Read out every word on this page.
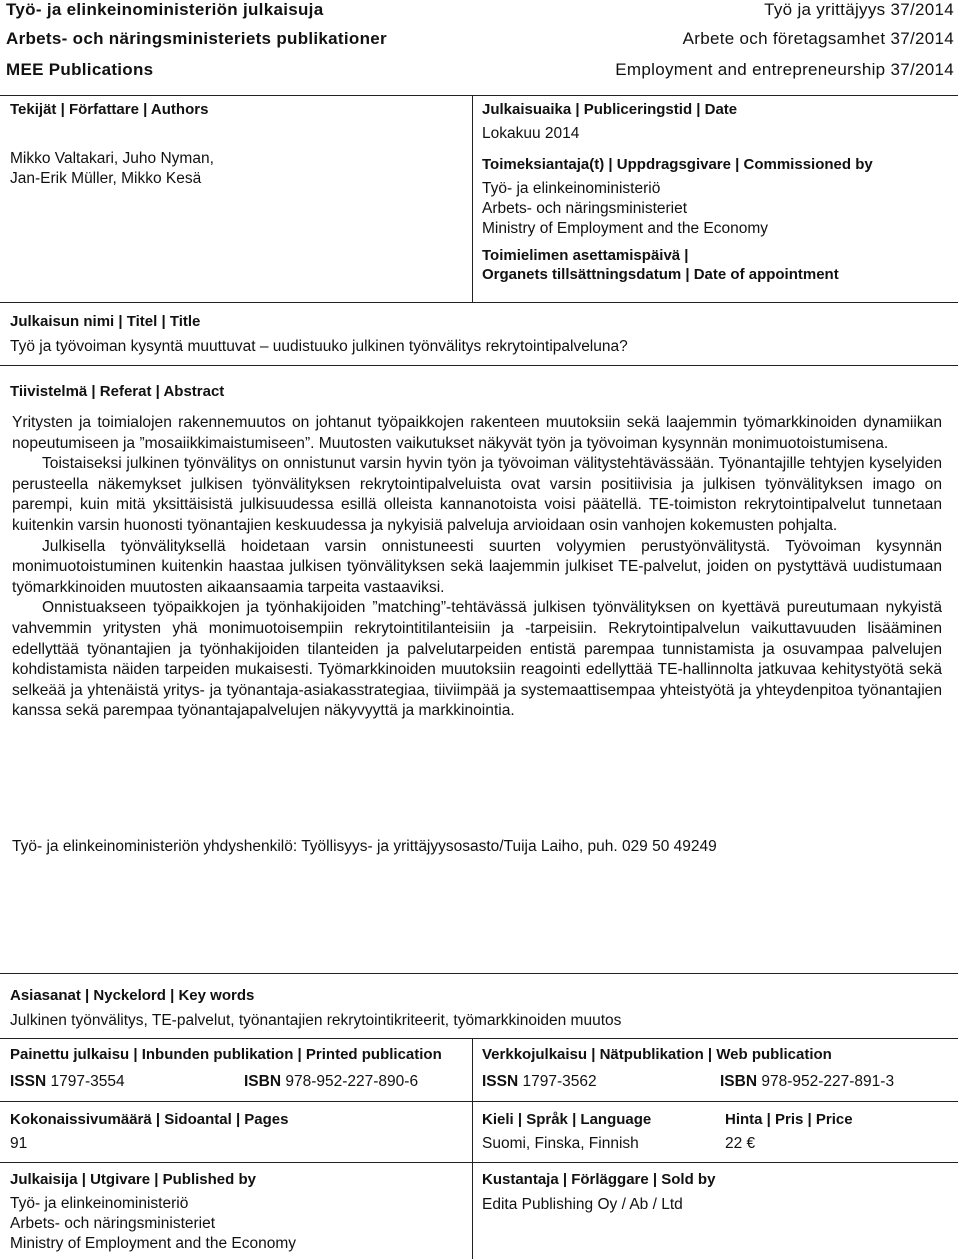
Työ- ja elinkeinoministeriön julkaisuja
Arbets- och näringsministeriets publikationer
MEE Publications
Työ ja yrittäjyys 37/2014
Arbete och företagsamhet 37/2014
Employment and entrepreneurship 37/2014
Tekijät | Författare | Authors
Mikko Valtakari, Juho Nyman,
Jan-Erik Müller, Mikko Kesä
Julkaisuaika | Publiceringstid | Date
Lokakuu 2014
Toimeksiantaja(t) | Uppdragsgivare | Commissioned by
Työ- ja elinkeinoministeriö
Arbets- och näringsministeriet
Ministry of Employment and the Economy
Toimielimen asettamispäivä |
Organets tillsättningsdatum | Date of appointment
Julkaisun nimi | Titel | Title
Työ ja työvoiman kysyntä muuttuvat – uudistuuko julkinen työnvälitys rekrytointipalveluna?
Tiivistelmä | Referat | Abstract

Yritysten ja toimialojen rakennemuutos on johtanut työpaikkojen rakenteen muutoksiin sekä laajemmin työmarkkinoiden dynamiikan nopeutumiseen ja ”mosaiikkimaistumiseen”. Muutosten vaikutukset näkyvät työn ja työvoiman kysynnän monimuotoistumisena.

Toistaiseksi julkinen työnvälitys on onnistunut varsin hyvin työn ja työvoiman välitystehtävässään. Työnantajille tehtyjen kyselyiden perusteella näkemykset julkisen työnvälityksen rekrytointipalveluista ovat varsin positiivisia ja julkisen työnvälityksen imago on parempi, kuin mitä yksittäisistä julkisuudessa esillä olleista kannanotoista voisi päätellä. TE-toimiston rekrytointipalvelut tunnetaan kuitenkin varsin huonosti työnantajien keskuudessa ja nykyisiä palveluja arvioidaan osin vanhojen kokemusten pohjalta.

Julkisella työnvälityksellä hoidetaan varsin onnistuneesti suurten volyymien perustyönvälitystä. Työvoiman kysynnän monimuotoistuminen kuitenkin haastaa julkisen työnvälityksen sekä laajemmin julkiset TE-palvelut, joiden on pystyttävä uudistumaan työmarkkinoiden muutosten aikaansaamia tarpeita vastaaviksi.

Onnistuakseen työpaikkojen ja työnhakijoiden ”matching”-tehtävässä julkisen työnvälityksen on kyettävä pureutumaan nykyistä vahvemmin yritysten yhä monimuotoisempiin rekrytointitilanteisiin ja -tarpeisiin. Rekrytointipalvelun vaikuttavuuden lisääminen edellyttää työnantajien ja työnhakijoiden tilanteiden ja palvelutarpeiden entistä parempaa tunnistamista ja osuvampaa palvelujen kohdistamista näiden tarpeiden mukaisesti. Työmarkkinoiden muutoksiin reagointi edellyttää TE-hallinnolta jatkuvaa kehitystyötä sekä selkeää ja yhtenäistä yritys- ja työnantaja-asiakasstrategiaa, tiiviimpää ja systemaattisempaa yhteistyötä ja yhteydenpitoa työnantajien kanssa sekä parempaa työnantajapalvelujen näkyvyyttä ja markkinointia.

Työ- ja elinkeinoministeriön yhdyshenkilö: Työllisyys- ja yrittäjyysosasto/Tuija Laiho, puh. 029 50 49249
Asiasanat | Nyckelord | Key words
Julkinen työnvälitys, TE-palvelut, työnantajien rekrytointikriteerit, työmarkkinoiden muutos
Painettu julkaisu | Inbunden publikation | Printed publication
ISSN 1797-3554	ISBN 978-952-227-890-6
Verkkojulkaisu | Nätpublikation | Web publication
ISSN 1797-3562	ISBN 978-952-227-891-3
Kokonaissivumäärä | Sidoantal | Pages
91
Kieli | Språk | Language
Suomi, Finska, Finnish
Hinta | Pris | Price
22 €
Julkaisija | Utgivare | Published by
Työ- ja elinkeinoministeriö
Arbets- och näringsministeriet
Ministry of Employment and the Economy
Kustantaja | Förläggare | Sold by
Edita Publishing Oy / Ab / Ltd
